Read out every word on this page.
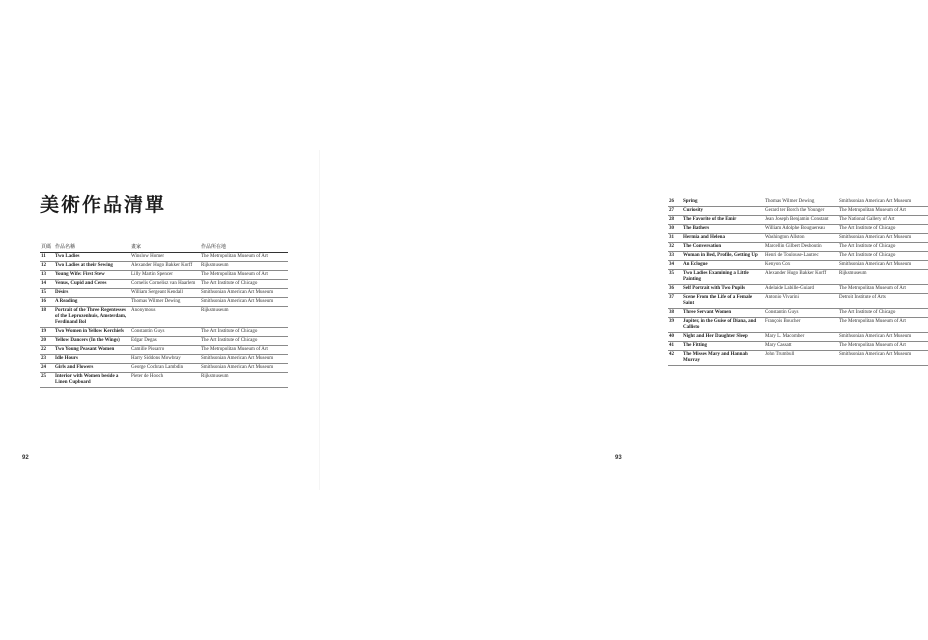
美術作品清單
頁碼	作品名稱	畫家	作品所在地
11	Two Ladies	Winslow Homer	The Metropolitan Museum of Art
12	Two Ladies at their Sewing	Alexander Hugo Bakker Korff	Rijksmuseum
13	Young Wife: First Stew	Lilly Martin Spencer	The Metropolitan Museum of Art
14	Venus, Cupid and Ceres	Cornelis Cornelisz van Haarlem	The Art Institute of Chicago
15	Désirs	William Sergeant Kendall	Smithsonian American Art Museum
16	A Reading	Thomas Wilmer Dewing	Smithsonian American Art Museum
18	Portrait of the Three Regentesses of the Leprozenhuis, Amsterdam, Ferdinand Bol	Anonymous	Rijksmuseum
19	Two Women in Yellow Kerchiefs	Constantin Guys	The Art Institute of Chicago
20	Yellow Dancers (In the Wings)	Edgar Degas	The Art Institute of Chicago
22	Two Young Peasant Women	Camille Pissarro	The Metropolitan Museum of Art
23	Idle Hours	Harry Siddons Mowbray	Smithsonian American Art Museum
24	Girls and Flowers	George Cochran Lambdin	Smithsonian American Art Museum
25	Interior with Women beside a Linen Cupboard	Pieter de Hooch	Rijksmuseum
92
26	Spring	Thomas Wilmer Dewing	Smithsonian American Art Museum
27	Curiosity	Gerard ter Borch the Younger	The Metropolitan Museum of Art
28	The Favorite of the Emir	Jean Joseph Benjamin Constant	The National Gallery of Art
30	The Bathers	William Adolphe Bouguereau	The Art Institute of Chicago
31	Hermia and Helena	Washington Allston	Smithsonian American Art Museum
32	The Conversation	Marcellin Gilbert Desboutin	The Art Institute of Chicago
33	Woman in Bed, Profile, Getting Up	Henri de Toulouse-Lautrec	The Art Institute of Chicago
34	An Eclogue	Kenyon Cox	Smithsonian American Art Museum
35	Two Ladies Examining a Little Painting	Alexander Hugo Bakker Korff	Rijksmuseum
36	Self Portrait with Two Pupils	Adelaide Labille-Guiard	The Metropolitan Museum of Art
37	Scene From the Life of a Female Saint	Antonio Vivarini	Detroit Institute of Arts
38	Three Servant Women	Constantin Guys	The Art Institute of Chicago
39	Jupiter, in the Guise of Diana, and Callisto	François Boucher	The Metropolitan Museum of Art
40	Night and Her Daughter Sleep	Mary L. Macomber	Smithsonian American Art Museum
41	The Fitting	Mary Cassatt	The Metropolitan Museum of Art
42	The Misses Mary and Hannah Murray	John Trumbull	Smithsonian American Art Museum
93
